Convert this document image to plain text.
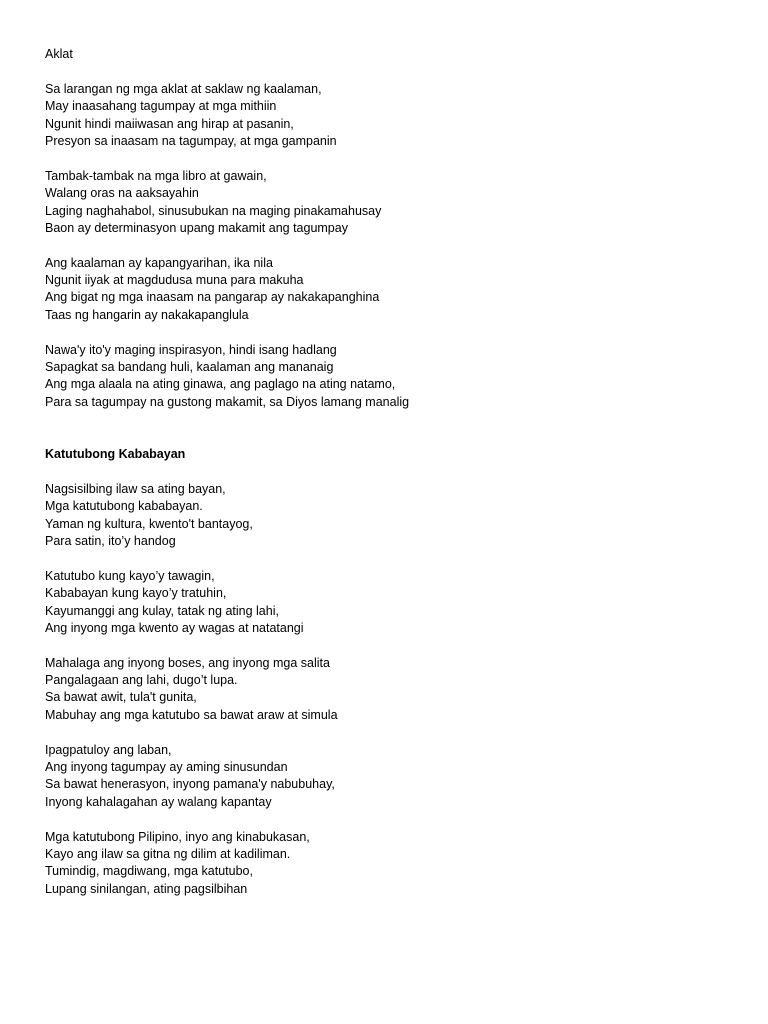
Aklat
Sa larangan ng mga aklat at saklaw ng kaalaman,
May inaasahang tagumpay at mga mithiin
Ngunit hindi maiiwasan ang hirap at pasanin,
Presyon sa inaasam na tagumpay, at mga gampanin
Tambak-tambak na mga libro at gawain,
Walang oras na aaksayahin
Laging naghahabol, sinusubukan na maging pinakamahusay
Baon ay determinasyon upang makamit ang tagumpay
Ang kaalaman ay kapangyarihan, ika nila
Ngunit iiyak at magdudusa muna para makuha
Ang bigat ng mga inaasam na pangarap ay nakakapanghina
Taas ng hangarin ay nakakapanglula
Nawa'y ito'y maging inspirasyon, hindi isang hadlang
Sapagkat sa bandang huli, kaalaman ang mananaig
Ang mga alaala na ating ginawa, ang paglago na ating natamo,
Para sa tagumpay na gustong makamit, sa Diyos lamang manalig
Katutubong Kababayan
Nagsisilbing ilaw sa ating bayan,
Mga katutubong kababayan.
Yaman ng kultura, kwento't bantayog,
Para satin, ito’y handog
Katutubo kung kayo’y tawagin,
Kababayan kung kayo’y tratuhin,
Kayumanggi ang kulay, tatak ng ating lahi,
Ang inyong mga kwento ay wagas at natatangi
Mahalaga ang inyong boses, ang inyong mga salita
Pangalagaan ang lahi, dugo’t lupa.
Sa bawat awit, tula't gunita,
Mabuhay ang mga katutubo sa bawat araw at simula
Ipagpatuloy ang laban,
Ang inyong tagumpay ay aming sinusundan
Sa bawat henerasyon, inyong pamana'y nabubuhay,
Inyong kahalagahan ay walang kapantay
Mga katutubong Pilipino, inyo ang kinabukasan,
Kayo ang ilaw sa gitna ng dilim at kadiliman.
Tumindig, magdiwang, mga katutubo,
Lupang sinilangan, ating pagsilbihan
